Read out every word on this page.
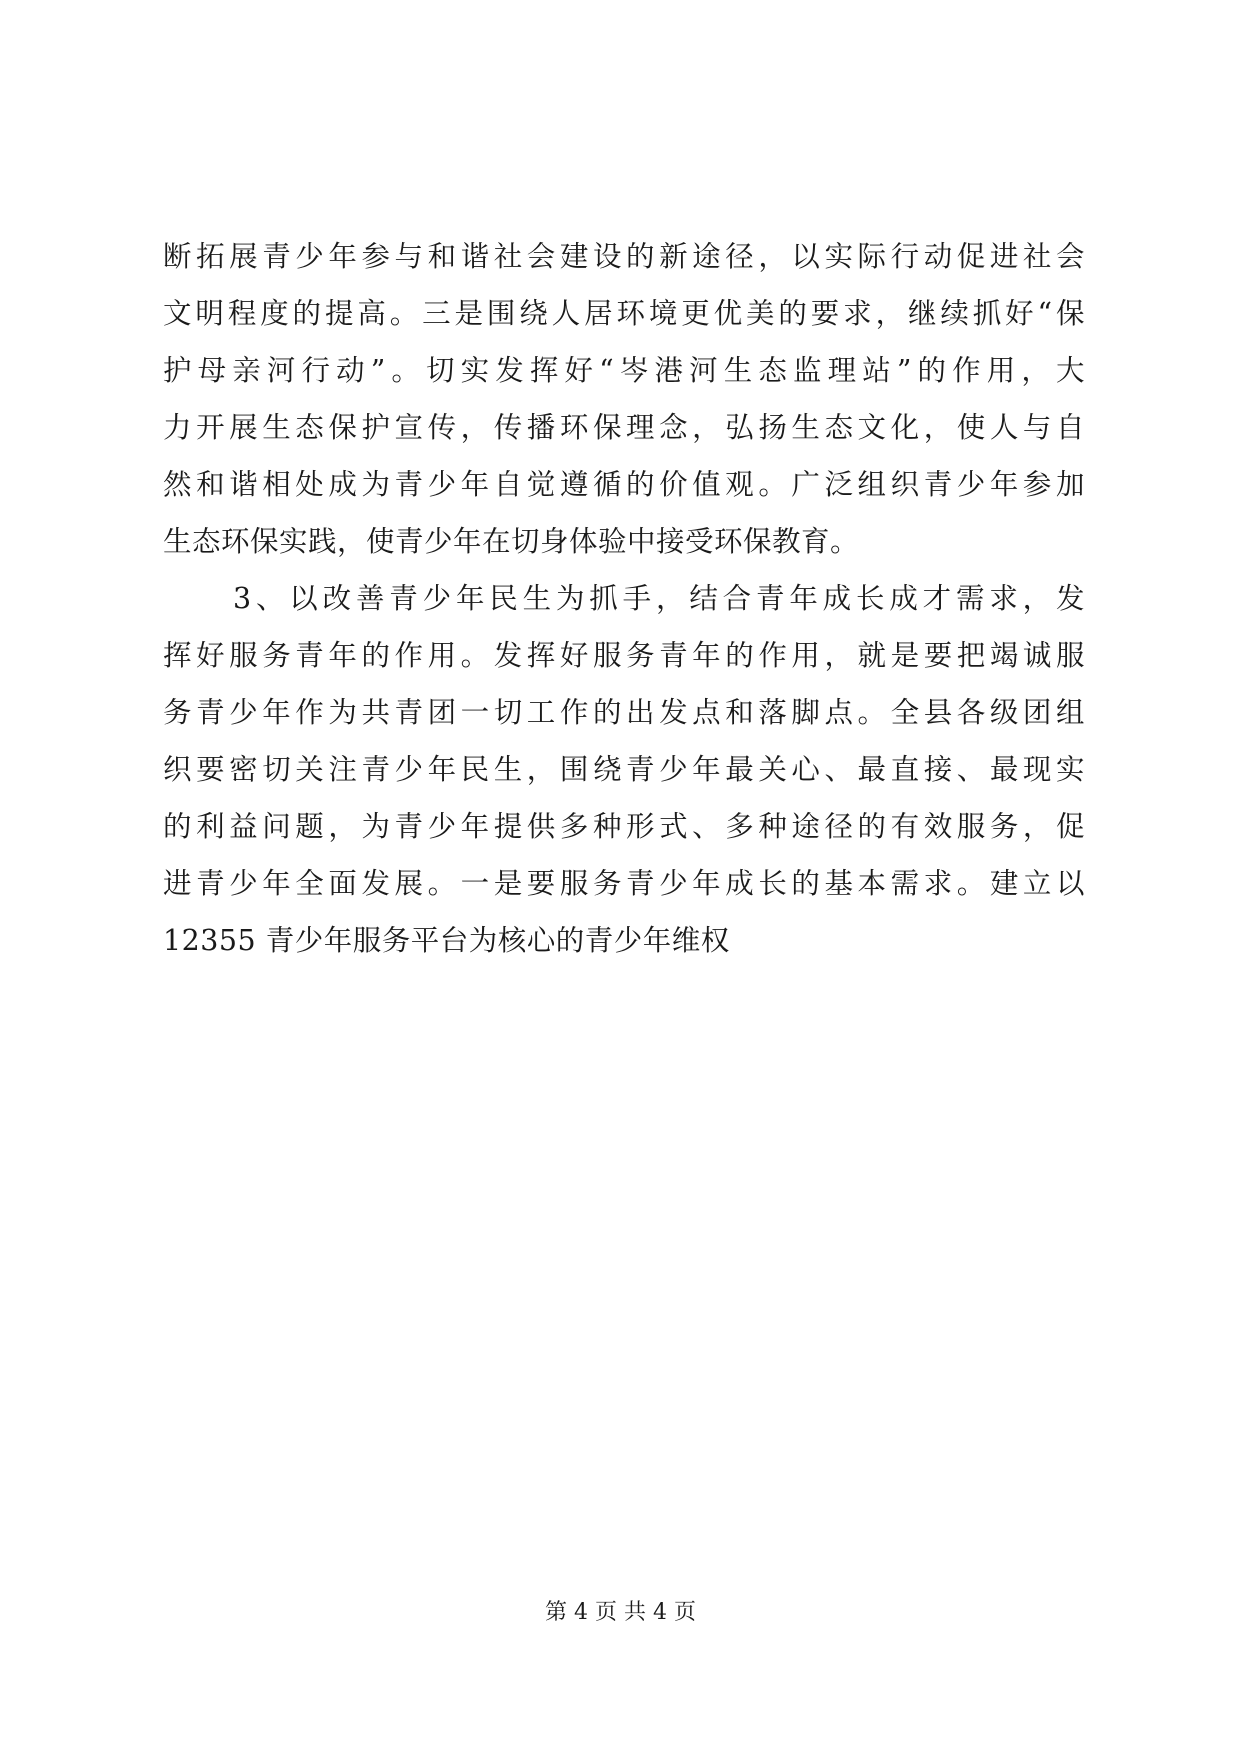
断拓展青少年参与和谐社会建设的新途径，以实际行动促进社会
文明程度的提高。三是围绕人居环境更优美的要求，继续抓好“保
护母亲河行动”。切实发挥好“岑港河生态监理站”的作用，大
力开展生态保护宣传，传播环保理念，弘扬生态文化，使人与自
然和谐相处成为青少年自觉遵循的价值观。广泛组织青少年参加
生态环保实践，使青少年在切身体验中接受环保教育。
3、以改善青少年民生为抓手，结合青年成长成才需求，发
挥好服务青年的作用。发挥好服务青年的作用，就是要把竭诚服
务青少年作为共青团一切工作的出发点和落脚点。全县各级团组
织要密切关注青少年民生，围绕青少年最关心、最直接、最现实
的利益问题，为青少年提供多种形式、多种途径的有效服务，促
进青少年全面发展。一是要服务青少年成长的基本需求。建立以
12355 青少年服务平台为核心的青少年维权
第 4 页 共 4 页
